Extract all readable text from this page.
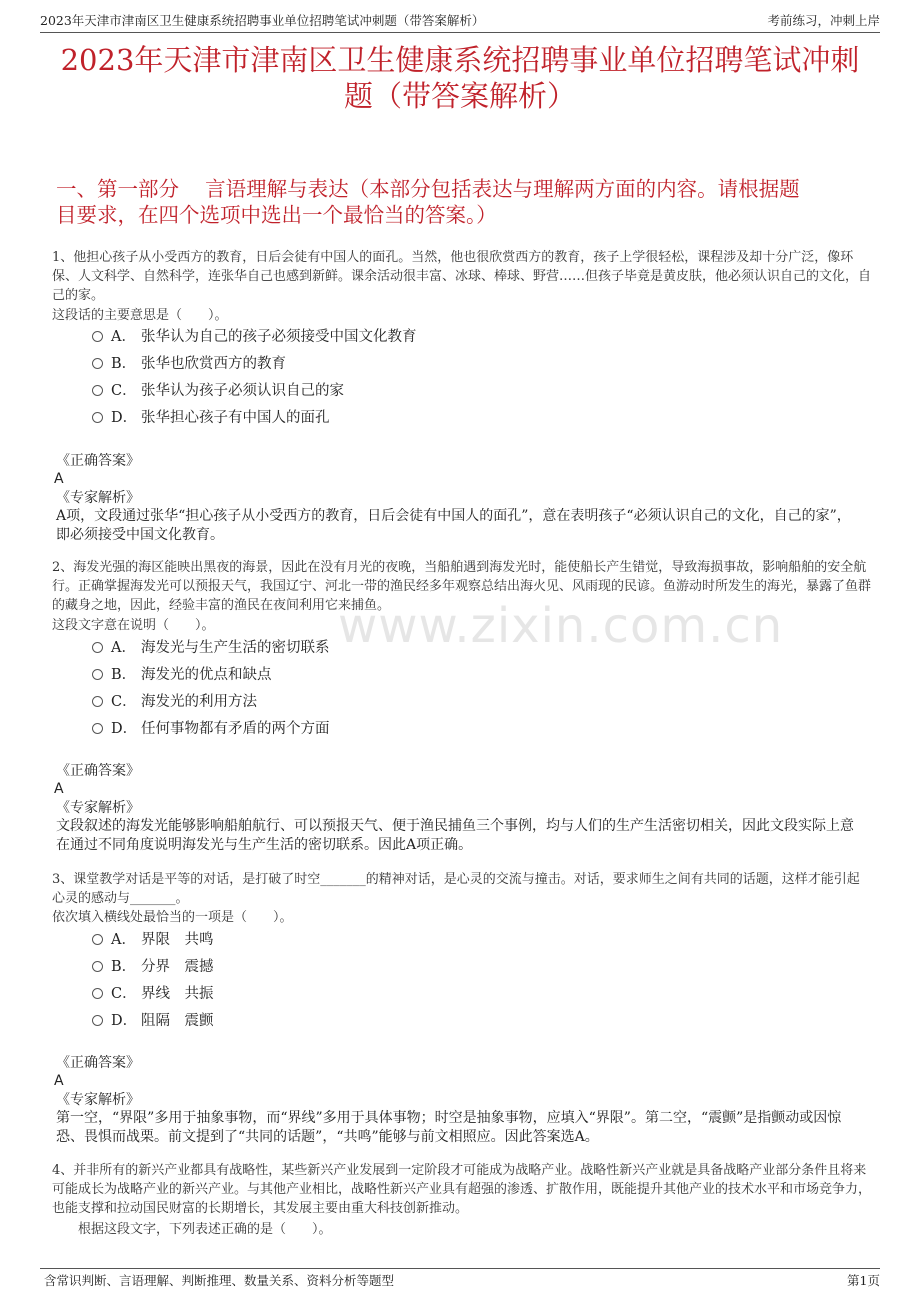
2023年天津市津南区卫生健康系统招聘事业单位招聘笔试冲刺题（带答案解析）	考前练习，冲刺上岸
2023年天津市津南区卫生健康系统招聘事业单位招聘笔试冲刺
题（带答案解析）
一、第一部分    言语理解与表达（本部分包括表达与理解两方面的内容。请根据题
目要求，在四个选项中选出一个最恰当的答案。）
www.zixin.com.cn
1、他担心孩子从小受西方的教育，日后会徒有中国人的面孔。当然，他也很欣赏西方的教育，孩子上学很轻松，课程涉及却十分广泛，像环保、人文科学、自然科学，连张华自己也感到新鲜。课余活动很丰富、冰球、棒球、野营……但孩子毕竟是黄皮肤，他必须认识自己的文化，自己的家。
这段话的主要意思是（　　）。
A． 张华认为自己的孩子必须接受中国文化教育
B． 张华也欣赏西方的教育
C． 张华认为孩子必须认识自己的家
D． 张华担心孩子有中国人的面孔
《正确答案》
A
《专家解析》
A项，文段通过张华“担心孩子从小受西方的教育，日后会徒有中国人的面孔”，意在表明孩子“必须认识自己的文化，自己的家”，即必须接受中国文化教育。
2、海发光强的海区能映出黑夜的海景，因此在没有月光的夜晚，当船舶遇到海发光时，能使船长产生错觉，导致海损事故，影响船舶的安全航行。正确掌握海发光可以预报天气，我国辽宁、河北一带的渔民经多年观察总结出海火见、风雨现的民谚。鱼游动时所发生的海光，暴露了鱼群的藏身之地，因此，经验丰富的渔民在夜间利用它来捕鱼。
这段文字意在说明（　　）。
A． 海发光与生产生活的密切联系
B． 海发光的优点和缺点
C． 海发光的利用方法
D． 任何事物都有矛盾的两个方面
《正确答案》
A
《专家解析》
文段叙述的海发光能够影响船舶航行、可以预报天气、便于渔民捕鱼三个事例，均与人们的生产生活密切相关，因此文段实际上意在通过不同角度说明海发光与生产生活的密切联系。因此A项正确。
3、课堂教学对话是平等的对话，是打破了时空_______的精神对话，是心灵的交流与撞击。对话，要求师生之间有共同的话题，这样才能引起心灵的感动与_______。
依次填入横线处最恰当的一项是（　　）。
A． 界限　共鸣
B． 分界　震撼
C． 界线　共振
D． 阻隔　震颤
《正确答案》
A
《专家解析》
第一空，“界限”多用于抽象事物，而“界线”多用于具体事物；时空是抽象事物，应填入“界限”。第二空，“震颤”是指颤动或因惊恐、畏惧而战栗。前文提到了“共同的话题”，“共鸣”能够与前文相照应。因此答案选A。
4、并非所有的新兴产业都具有战略性，某些新兴产业发展到一定阶段才可能成为战略产业。战略性新兴产业就是具备战略产业部分条件且将来可能成长为战略产业的新兴产业。与其他产业相比，战略性新兴产业具有超强的渗透、扩散作用，既能提升其他产业的技术水平和市场竞争力，也能支撑和拉动国民财富的长期增长，其发展主要由重大科技创新推动。
根据这段文字，下列表述正确的是（　　）。
含常识判断、言语理解、判断推理、数量关系、资料分析等题型	第1页
